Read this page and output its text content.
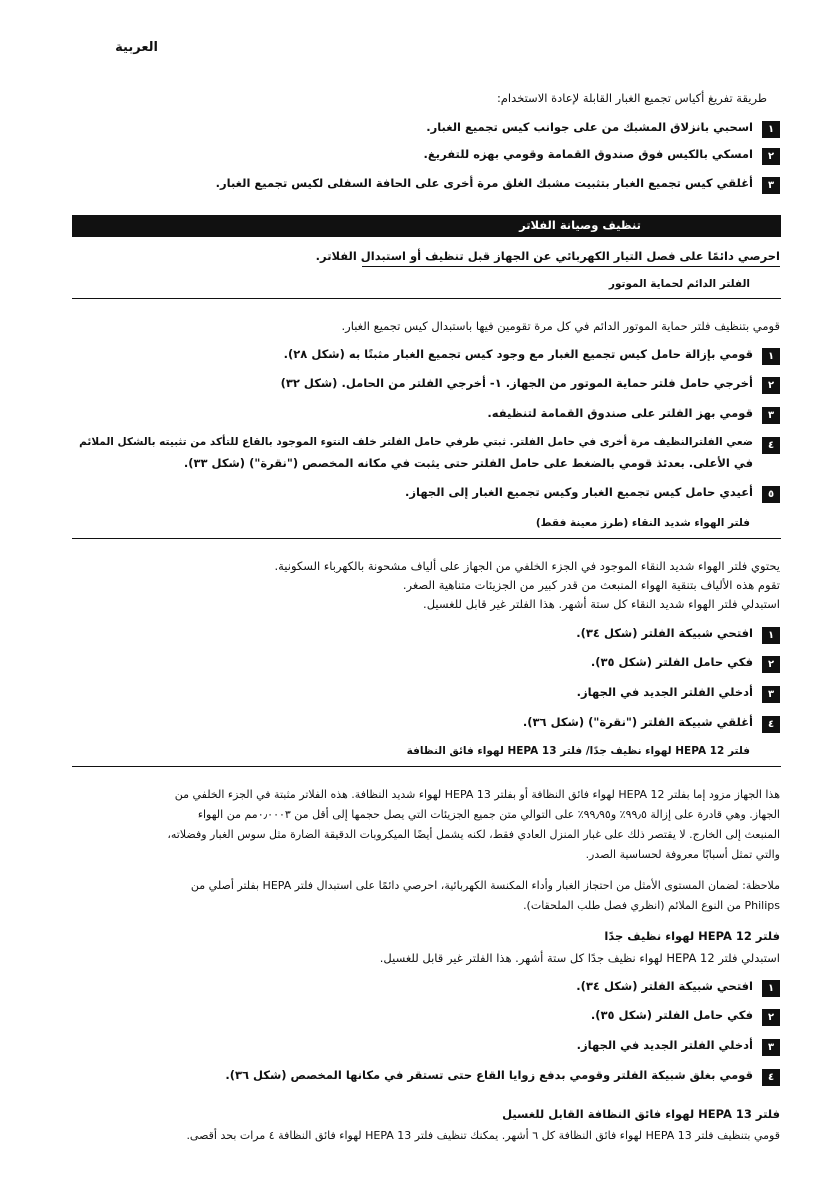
العربية
طريقة تفريغ أكياس تجميع الغبار القابلة لإعادة الاستخدام:
١
اسحبي بانزلاق المشبك من على جوانب كيس تجميع الغبار.
٢
امسكي بالكيس فوق صندوق القمامة وقومي بهزه للتفريغ.
٣
أغلقي كيس تجميع الغبار بتثبيت مشبك الغلق مرة أخرى على الحافة السفلى لكيس تجميع الغبار.
تنظيف وصيانة الفلاتر
احرصي دائمًا على فصل التيار الكهربائي عن الجهاز قبل تنظيف أو استبدال الفلاتر.
الفلتر الدائم لحماية الموتور
قومي بتنظيف فلتر حماية الموتور الدائم في كل مرة تقومين فيها باستبدال كيس تجميع الغبار.
١
قومي بإزالة حامل كيس تجميع الغبار مع وجود كيس تجميع الغبار مثبتًا به (شكل ٢٨).
٢
أخرجي حامل فلتر حماية الموتور من الجهاز. ١- أخرجي الفلتر من الحامل. (شكل ٣٢)
٣
قومي بهز الفلتر على صندوق القمامة لتنظيفه.
٤
ضعي الفلترالنظيف مرة أخرى في حامل الفلتر. ثبتي طرفي حامل الفلتر خلف النتوء الموجود بالقاع للتأكد من تثبيته بالشكل الملائم
في الأعلى. بعدئذ قومي بالضغط على حامل الفلتر حتى يثبت في مكانه المخصص ("نقرة") (شكل ٣٣).
٥
أعيدي حامل كيس تجميع الغبار وكيس تجميع الغبار إلى الجهاز.
فلتر الهواء شديد النقاء (طرز معينة فقط)
يحتوي فلتر الهواء شديد النقاء الموجود في الجزء الخلفي من الجهاز على ألياف مشحونة بالكهرباء السكونية.
تقوم هذه الألياف بتنقية الهواء المنبعث من قدر كبير من الجزيئات متناهية الصغر.
استبدلي فلتر الهواء شديد النقاء كل ستة أشهر. هذا الفلتر غير قابل للغسيل.
١
افتحي شبيكة الفلتر (شكل ٣٤).
٢
فكي حامل الفلتر (شكل ٣٥).
٣
أدخلي الفلتر الجديد في الجهاز.
٤
أغلقي شبيكة الفلتر ("نقرة") (شكل ٣٦).
فلتر HEPA 12 لهواء نظيف جدًا/ فلتر HEPA 13 لهواء فائق النظافة
هذا الجهاز مزود إما بفلتر HEPA 12 لهواء فائق النظافة أو بفلتر HEPA 13 لهواء شديد النظافة. هذه الفلاتر مثبتة في الجزء الخلفي من
الجهاز. وهي قادرة على إزالة ٩٩٫٥٪ و٩٩٫٩٥٪ على التوالي متن جميع الجزيئات التي يصل حجمها إلى أقل من ٠٫٠٠٠٣مم من الهواء
المنبعث إلى الخارج. لا يقتصر ذلك على غبار المنزل العادي فقط، لكنه يشمل أيضًا الميكروبات الدقيقة الضارة مثل سوس الغبار وفضلاته،
والتي تمثل أسبابًا معروفة لحساسية الصدر.
ملاحظة: لضمان المستوى الأمثل من احتجاز الغبار وأداء المكنسة الكهربائية، احرصي دائمًا على استبدال فلتر HEPA بفلتر أصلي من
Philips من النوع الملائم (انظري فصل طلب الملحقات).
فلتر HEPA 12 لهواء نظيف جدًا
استبدلي فلتر HEPA 12 لهواء نظيف جدًا كل ستة أشهر. هذا الفلتر غير قابل للغسيل.
١
افتحي شبيكة الفلتر (شكل ٣٤).
٢
فكي حامل الفلتر (شكل ٣٥).
٣
أدخلي الفلتر الجديد في الجهاز.
٤
قومي بغلق شبيكة الفلتر وقومي بدفع زوايا القاع حتى تستقر في مكانها المخصص (شكل ٣٦).
فلتر HEPA 13 لهواء فائق النظافة القابل للغسيل
قومي بتنظيف فلتر HEPA 13 لهواء فائق النظافة كل ٦ أشهر. يمكنك تنظيف فلتر HEPA 13 لهواء فائق النظافة ٤ مرات بحد أقصى.
